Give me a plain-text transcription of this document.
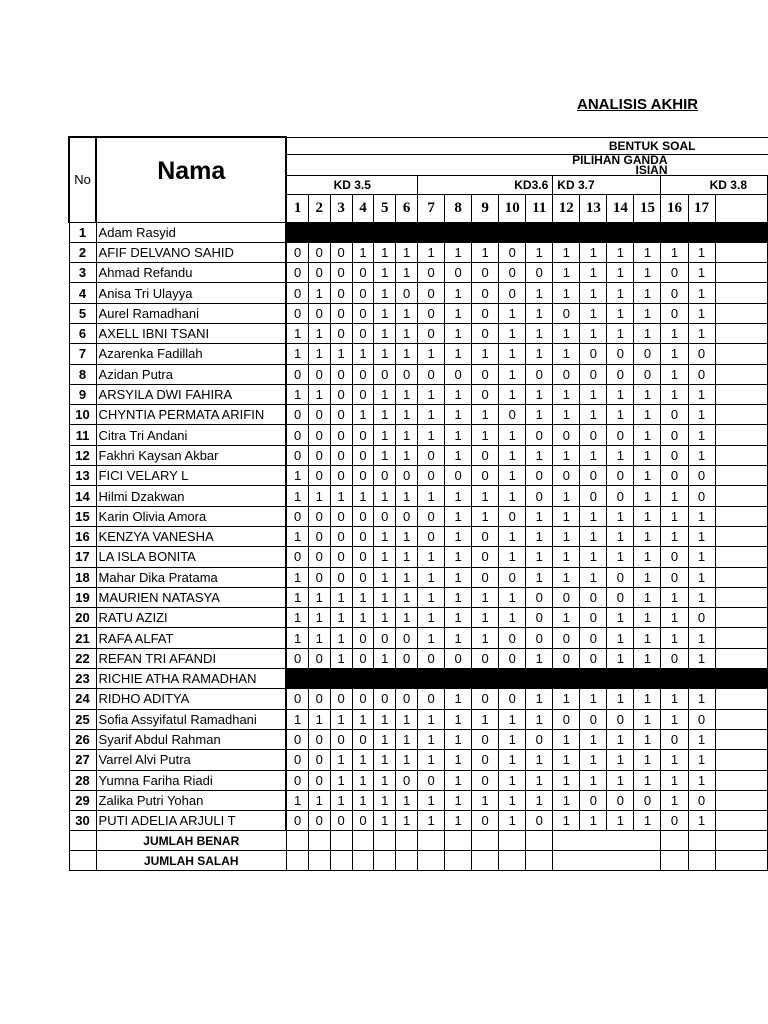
ANALISIS AKHIR
No	Nama	BENTUK SOAL																	
		PILIHAN GANDA
ISIAN																	
		KD 3.5						KD3.6					KD 3.7				KD 3.8		
		1	2	3	4	5	6	7	8	9	10	11	12	13	14	15	16	17	
1	Adam Rasyid																		
2	AFIF DELVANO SAHID	0	0	0	1	1	1	1	1	1	0	1	1	1	1	1	1	1	
3	Ahmad Refandu	0	0	0	0	1	1	0	0	0	0	0	1	1	1	1	0	1	
4	Anisa Tri Ulayya	0	1	0	0	1	0	0	1	0	0	1	1	1	1	1	0	1	
5	Aurel Ramadhani	0	0	0	0	1	1	0	1	0	1	1	0	1	1	1	0	1	
6	AXELL IBNI TSANI	1	1	0	0	1	1	0	1	0	1	1	1	1	1	1	1	1	
7	Azarenka Fadillah	1	1	1	1	1	1	1	1	1	1	1	1	0	0	0	1	0	
8	Azidan Putra	0	0	0	0	0	0	0	0	0	1	0	0	0	0	0	1	0	
9	ARSYILA DWI FAHIRA	1	1	0	0	1	1	1	1	0	1	1	1	1	1	1	1	1	
10	CHYNTIA PERMATA ARIFIN	0	0	0	1	1	1	1	1	1	0	1	1	1	1	1	0	1	
11	Citra Tri Andani	0	0	0	0	1	1	1	1	1	1	0	0	0	0	1	0	1	
12	Fakhri Kaysan Akbar	0	0	0	0	1	1	0	1	0	1	1	1	1	1	1	0	1	
13	FICI VELARY L	1	0	0	0	0	0	0	0	0	1	0	0	0	0	1	0	0	
14	Hilmi Dzakwan	1	1	1	1	1	1	1	1	1	1	0	1	0	0	1	1	0	
15	Karin Olivia Amora	0	0	0	0	0	0	0	1	1	0	1	1	1	1	1	1	1	
16	KENZYA VANESHA	1	0	0	0	1	1	0	1	0	1	1	1	1	1	1	1	1	
17	LA ISLA BONITA	0	0	0	0	1	1	1	1	0	1	1	1	1	1	1	0	1	
18	Mahar Dika Pratama	1	0	0	0	1	1	1	1	0	0	1	1	1	0	1	0	1	
19	MAURIEN NATASYA	1	1	1	1	1	1	1	1	1	1	0	0	0	0	1	1	1	
20	RATU AZIZI	1	1	1	1	1	1	1	1	1	1	0	1	0	1	1	1	0	
21	RAFA ALFAT	1	1	1	0	0	0	1	1	1	0	0	0	0	1	1	1	1	
22	REFAN TRI AFANDI	0	0	1	0	1	0	0	0	0	0	1	0	0	1	1	0	1	
23	RICHIE ATHA RAMADHAN																		
24	RIDHO ADITYA	0	0	0	0	0	0	0	1	0	0	1	1	1	1	1	1	1	
25	Sofia Assyifatul Ramadhani	1	1	1	1	1	1	1	1	1	1	1	0	0	0	1	1	0	
26	Syarif Abdul Rahman	0	0	0	0	1	1	1	1	0	1	0	1	1	1	1	0	1	
27	Varrel Alvi Putra	0	0	1	1	1	1	1	1	0	1	1	1	1	1	1	1	1	
28	Yumna Fariha Riadi	0	0	1	1	1	0	0	1	0	1	1	1	1	1	1	1	1	
29	Zalika Putri Yohan	1	1	1	1	1	1	1	1	1	1	1	1	0	0	0	1	0	
30	PUTI ADELIA ARJULI T	0	0	0	0	1	1	1	1	0	1	0	1	1	1	1	0	1	
	JUMLAH BENAR																		
	JUMLAH SALAH																		
